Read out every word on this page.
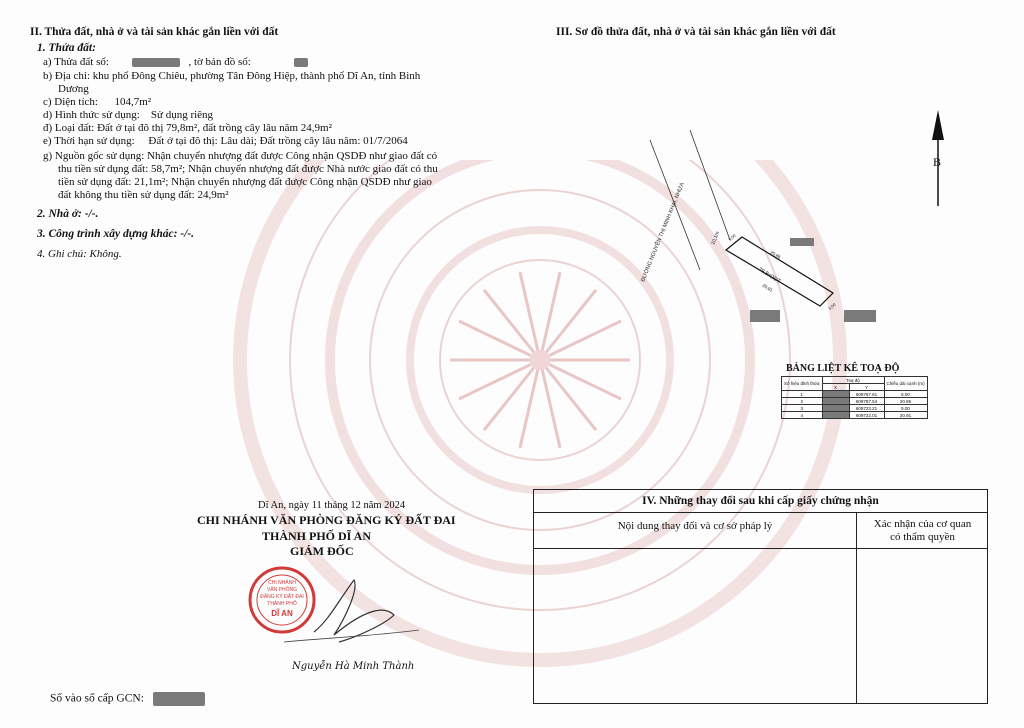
II. Thửa đất, nhà ở và tài sản khác gắn liền với đất
1. Thửa đất:
a) Thửa đất số:	, tờ bản đồ số:
b) Địa chỉ: khu phố Đông Chiêu, phường Tân Đông Hiệp, thành phố Dĩ An, tỉnh Bình
Dương
c) Diện tích:      104,7m²
d) Hình thức sử dụng:    Sử dụng riêng
đ) Loại đất: Đất ở tại đô thị 79,8m², đất trồng cây lâu năm 24,9m²
e) Thời hạn sử dụng:     Đất ở tại đô thị: Lâu dài; Đất trồng cây lâu năm: 01/7/2064
g) Nguồn gốc sử dụng: Nhận chuyển nhượng đất được Công nhận QSDĐ như giao đất có
thu tiền sử dụng đất: 58,7m²; Nhận chuyển nhượng đất được Nhà nước giao đất có thu
tiền sử dụng đất: 21,1m²; Nhận chuyển nhượng đất được Công nhận QSDĐ như giao
đất không thu tiền sử dụng đất: 24,9m²
2. Nhà ở: -/-.
3. Công trình xây dựng khác: -/-.
4. Ghi chú: Không.
Dĩ An, ngày 11 tháng 12 năm 2024
CHI NHÁNH VĂN PHÒNG ĐĂNG KÝ ĐẤT ĐAI
THÀNH PHỐ DĨ AN
GIÁM ĐỐC
CHI NHÁNH
VĂN PHÒNG
ĐĂNG KÝ ĐẤT ĐAI
THÀNH PHỐ
DĨ AN
Nguyễn Hà Minh Thành
Số vào sổ cấp GCN:
III. Sơ đồ thửa đất, nhà ở và tài sản khác gắn liền với đất
B
ĐƯỜNG NGUYỄN THỊ MINH KHAI, NHỰA	10,1m
79,8xODT
20,86
20,91
5,00
5,00
BẢNG LIỆT KÊ TOẠ ĐỘ
Số hiệu đỉnh thửa	Toạ độ		Chiều dài cạnh (m)
	X	Y	
1		609767.61	5.00
2		609787.54	20.86
3		609723.21	5.00
4		609722.01	20.91
IV. Những thay đổi sau khi cấp giấy chứng nhận
Nội dung thay đổi và cơ sở pháp lý	Xác nhận của cơ quan
có thẩm quyền
